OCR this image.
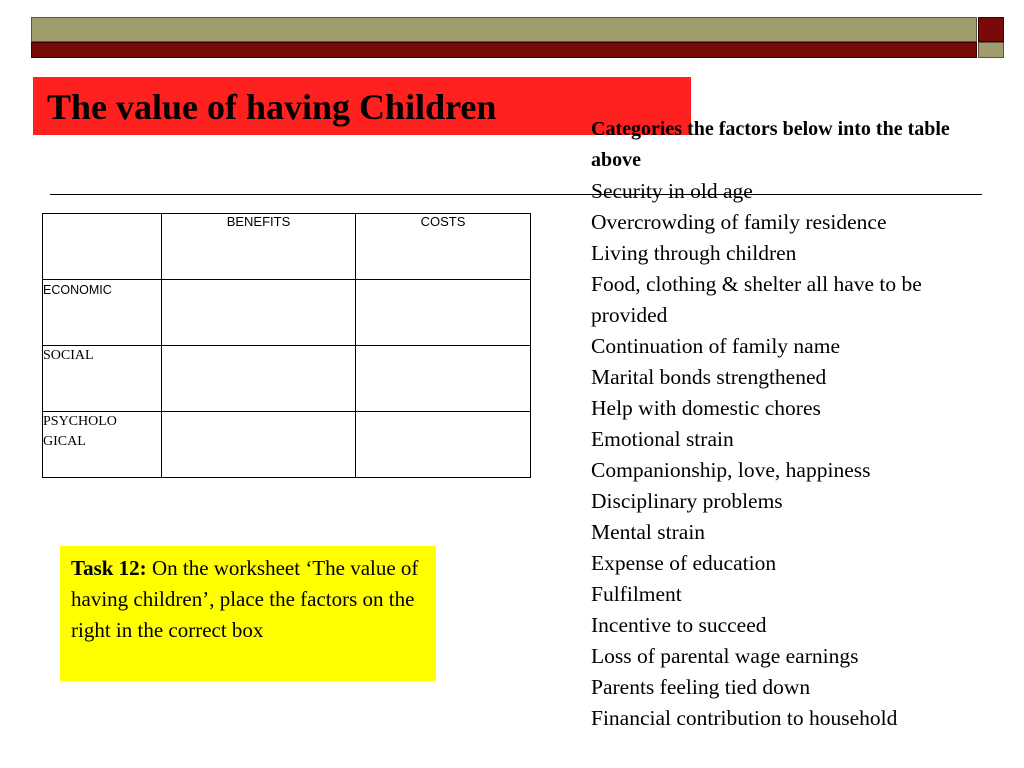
The value of having Children
	BENEFITS	COSTS
ECONOMIC		
SOCIAL		
PSYCHOLO GICAL		
Task 12: On the worksheet ‘The value of having children’, place the factors on the right in the correct box
Categories the factors below into the table above
Security in old age
Overcrowding of family residence
Living through children
Food, clothing & shelter all have to be provided
Continuation of family name
Marital bonds strengthened
Help with domestic chores
Emotional strain
Companionship, love, happiness
Disciplinary problems
Mental strain
Expense of education
Fulfilment
Incentive to succeed
Loss of parental wage earnings
Parents feeling tied down
Financial contribution to household
